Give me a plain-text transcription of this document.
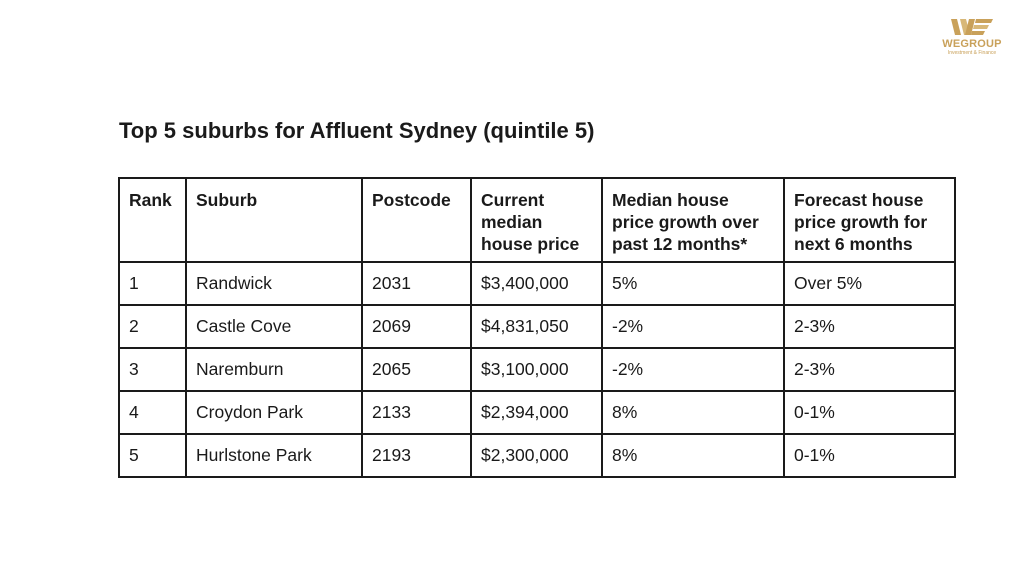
WEGROUP
Investment & Finance
Top 5 suburbs for Affluent Sydney (quintile 5)
Rank	Suburb	Postcode	Current median house price	Median house price growth over past 12 months*	Forecast house price growth for next 6 months
1	Randwick	2031	$3,400,000	5%	Over 5%
2	Castle Cove	2069	$4,831,050	-2%	2-3%
3	Naremburn	2065	$3,100,000	-2%	2-3%
4	Croydon Park	2133	$2,394,000	8%	0-1%
5	Hurlstone Park	2193	$2,300,000	8%	0-1%
